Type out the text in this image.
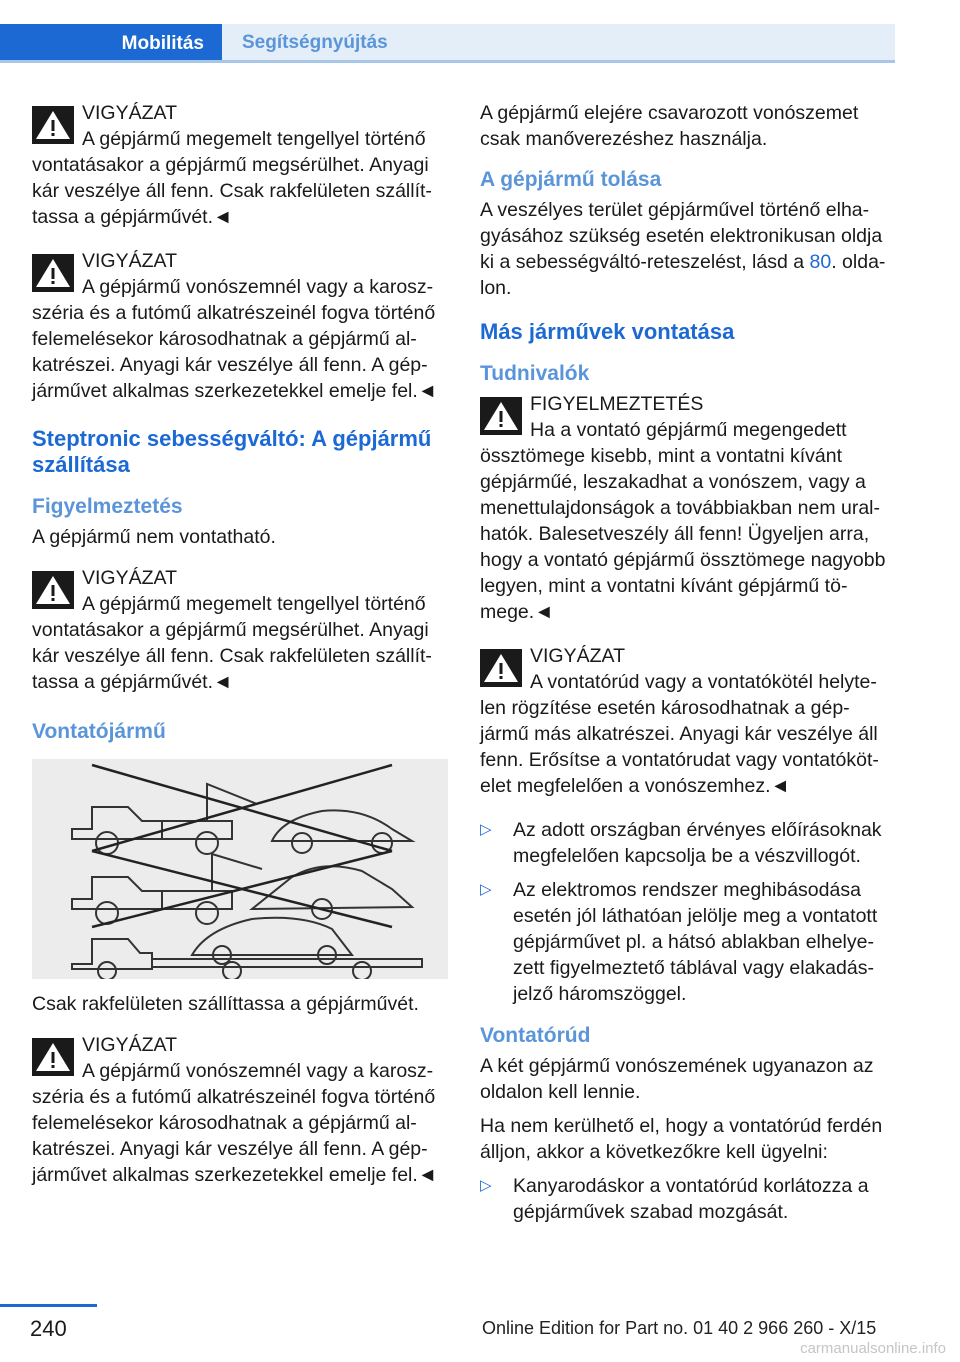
Mobilitás Segítségnyújtás
VIGYÁZAT
A gépjármű megemelt tengellyel történő vontatásakor a gépjármű megsérülhet. Anyagi kár veszélye áll fenn. Csak rakfelületen szállít-tassa a gépjárművét.◄
VIGYÁZAT
A gépjármű vonószemnél vagy a karosz-széria és a futómű alkatrészeinél fogva történő felemelésekor károsodhatnak a gépjármű al-katrészei. Anyagi kár veszélye áll fenn. A gép-járművet alkalmas szerkezetekkel emelje fel.◄
Steptronic sebességváltó: A gépjármű szállítása
Figyelmeztetés

A gépjármű nem vontatható.

VIGYÁZAT
A gépjármű megemelt tengellyel történő vontatásakor a gépjármű megsérülhet. Anyagi kár veszélye áll fenn. Csak rakfelületen szállít-tassa a gépjárművét.◄
Vontatójármű

Csak rakfelületen szállíttassa a gépjárművét.

VIGYÁZAT
A gépjármű vonószemnél vagy a karosz-széria és a futómű alkatrészeinél fogva történő felemelésekor károsodhatnak a gépjármű al-katrészei. Anyagi kár veszélye áll fenn. A gép-járművet alkalmas szerkezetekkel emelje fel.◄

A gépjármű elejére csavarozott vonószemet csak manőverezéshez használja.

A gépjármű tolása

A veszélyes terület gépjárművel történő elha-gyásához szükség esetén elektronikusan oldja ki a sebességváltó-reteszelést, lásd a 80. olda-lon.

Más járművek vontatása
Tudnivalók
FIGYELMEZTETÉS
Ha a vontató gépjármű megengedett össztömege kisebb, mint a vontatni kívánt gépjárműé, leszakadhat a vonószem, vagy a menettulajdonságok a továbbiakban nem ural-hatók. Balesetveszély áll fenn! Ügyeljen arra, hogy a vontató gépjármű össztömege nagyobb legyen, mint a vontatni kívánt gépjármű tö-mege.◄
VIGYÁZAT
A vontatórúd vagy a vontatókötél helyte-len rögzítése esetén károsodhatnak a gép-jármű más alkatrészei. Anyagi kár veszélye áll fenn. Erősítse a vontatórudat vagy vontatóköt-elet megfelelően a vonószemhez.◄
▷ Az adott országban érvényes előírásoknak megfelelően kapcsolja be a vészvillogót.
▷ Az elektromos rendszer meghibásodása esetén jól láthatóan jelölje meg a vontatott gépjárművet pl. a hátsó ablakban elhelye-zett figyelmeztető táblával vagy elakadás-jelző háromszöggel.
Vontatórúd

A két gépjármű vonószemének ugyanazon az oldalon kell lennie.

Ha nem kerülhető el, hogy a vontatórúd ferdén álljon, akkor a következőkre kell ügyelni:

▷ Kanyarodáskor a vontatórúd korlátozza a gépjárművek szabad mozgását.
240	Online Edition for Part no. 01 40 2 966 260 - X/15
carmanualsonline.info
